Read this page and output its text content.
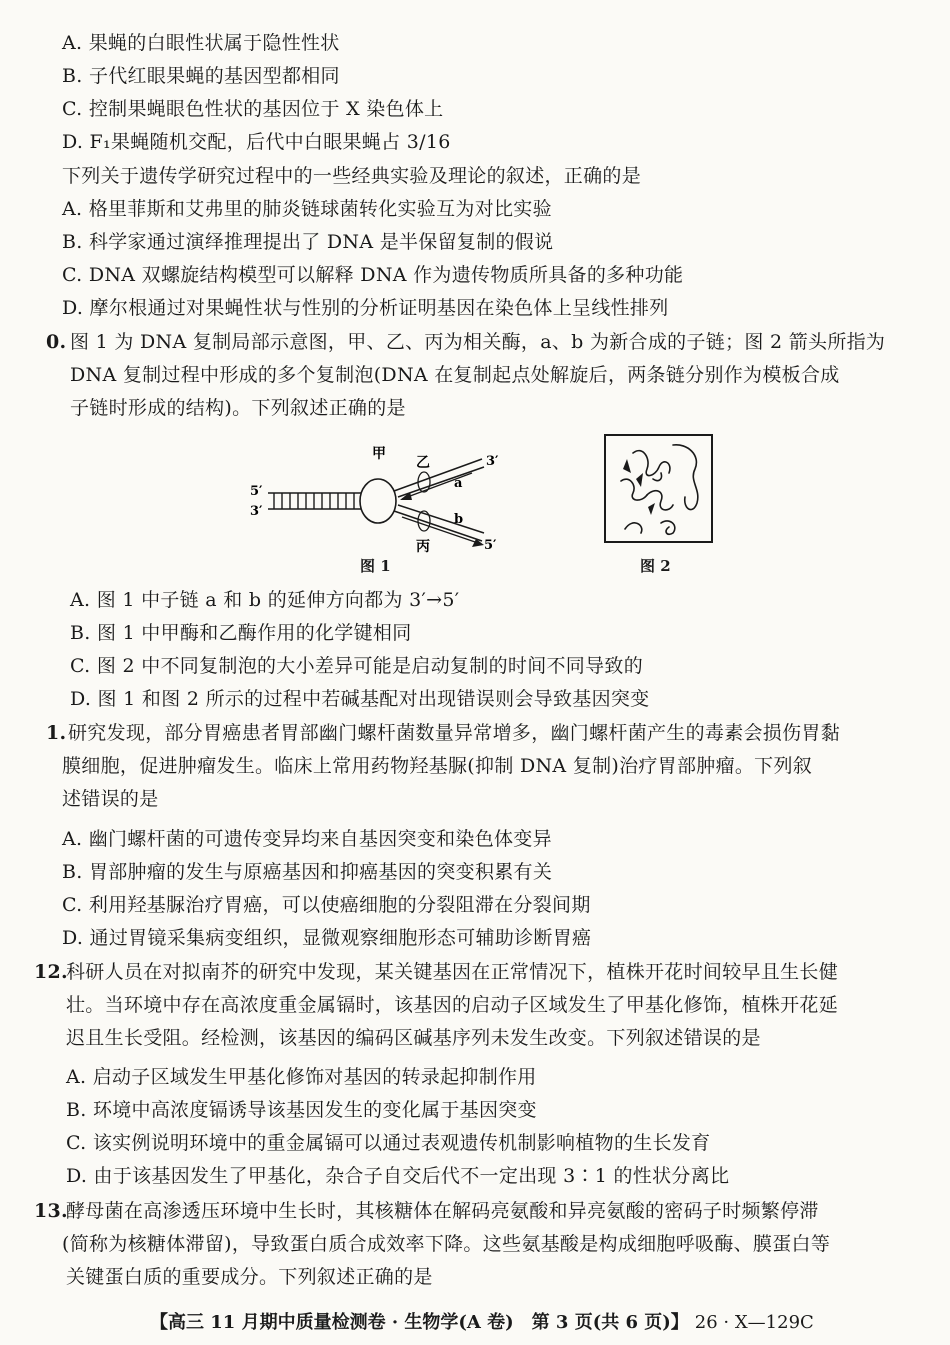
A. 果蝇的白眼性状属于隐性性状
B. 子代红眼果蝇的基因型都相同
C. 控制果蝇眼色性状的基因位于 X 染色体上
D. F₁果蝇随机交配，后代中白眼果蝇占 3/16
下列关于遗传学研究过程中的一些经典实验及理论的叙述，正确的是
A. 格里菲斯和艾弗里的肺炎链球菌转化实验互为对比实验
B. 科学家通过演绎推理提出了 DNA 是半保留复制的假说
C. DNA 双螺旋结构模型可以解释 DNA 作为遗传物质所具备的多种功能
D. 摩尔根通过对果蝇性状与性别的分析证明基因在染色体上呈线性排列
0. 图 1 为 DNA 复制局部示意图，甲、乙、丙为相关酶，a、b 为新合成的子链；图 2 箭头所指为
DNA 复制过程中形成的多个复制泡(DNA 在复制起点处解旋后，两条链分别作为模板合成
子链时形成的结构)。下列叙述正确的是
5′
3′
甲
乙
丙
a
b
3′
5′
图 1	图 2
A. 图 1 中子链 a 和 b 的延伸方向都为 3′→5′
B. 图 1 中甲酶和乙酶作用的化学键相同
C. 图 2 中不同复制泡的大小差异可能是启动复制的时间不同导致的
D. 图 1 和图 2 所示的过程中若碱基配对出现错误则会导致基因突变
1. 研究发现，部分胃癌患者胃部幽门螺杆菌数量异常增多，幽门螺杆菌产生的毒素会损伤胃黏
膜细胞，促进肿瘤发生。临床上常用药物羟基脲(抑制 DNA 复制)治疗胃部肿瘤。下列叙
述错误的是
A. 幽门螺杆菌的可遗传变异均来自基因突变和染色体变异
B. 胃部肿瘤的发生与原癌基因和抑癌基因的突变积累有关
C. 利用羟基脲治疗胃癌，可以使癌细胞的分裂阻滞在分裂间期
D. 通过胃镜采集病变组织，显微观察细胞形态可辅助诊断胃癌
12.
科研人员在对拟南芥的研究中发现，某关键基因在正常情况下，植株开花时间较早且生长健
壮。当环境中存在高浓度重金属镉时，该基因的启动子区域发生了甲基化修饰，植株开花延
迟且生长受阻。经检测，该基因的编码区碱基序列未发生改变。下列叙述错误的是
A. 启动子区域发生甲基化修饰对基因的转录起抑制作用
B. 环境中高浓度镉诱导该基因发生的变化属于基因突变
C. 该实例说明环境中的重金属镉可以通过表观遗传机制影响植物的生长发育
D. 由于该基因发生了甲基化，杂合子自交后代不一定出现 3∶1 的性状分离比
13.
酵母菌在高渗透压环境中生长时，其核糖体在解码亮氨酸和异亮氨酸的密码子时频繁停滞
(简称为核糖体滞留)，导致蛋白质合成效率下降。这些氨基酸是构成细胞呼吸酶、膜蛋白等
关键蛋白质的重要成分。下列叙述正确的是
【高三 11 月期中质量检测卷 · 生物学(A 卷)　第 3 页(共 6 页)】 26 · X—129C
